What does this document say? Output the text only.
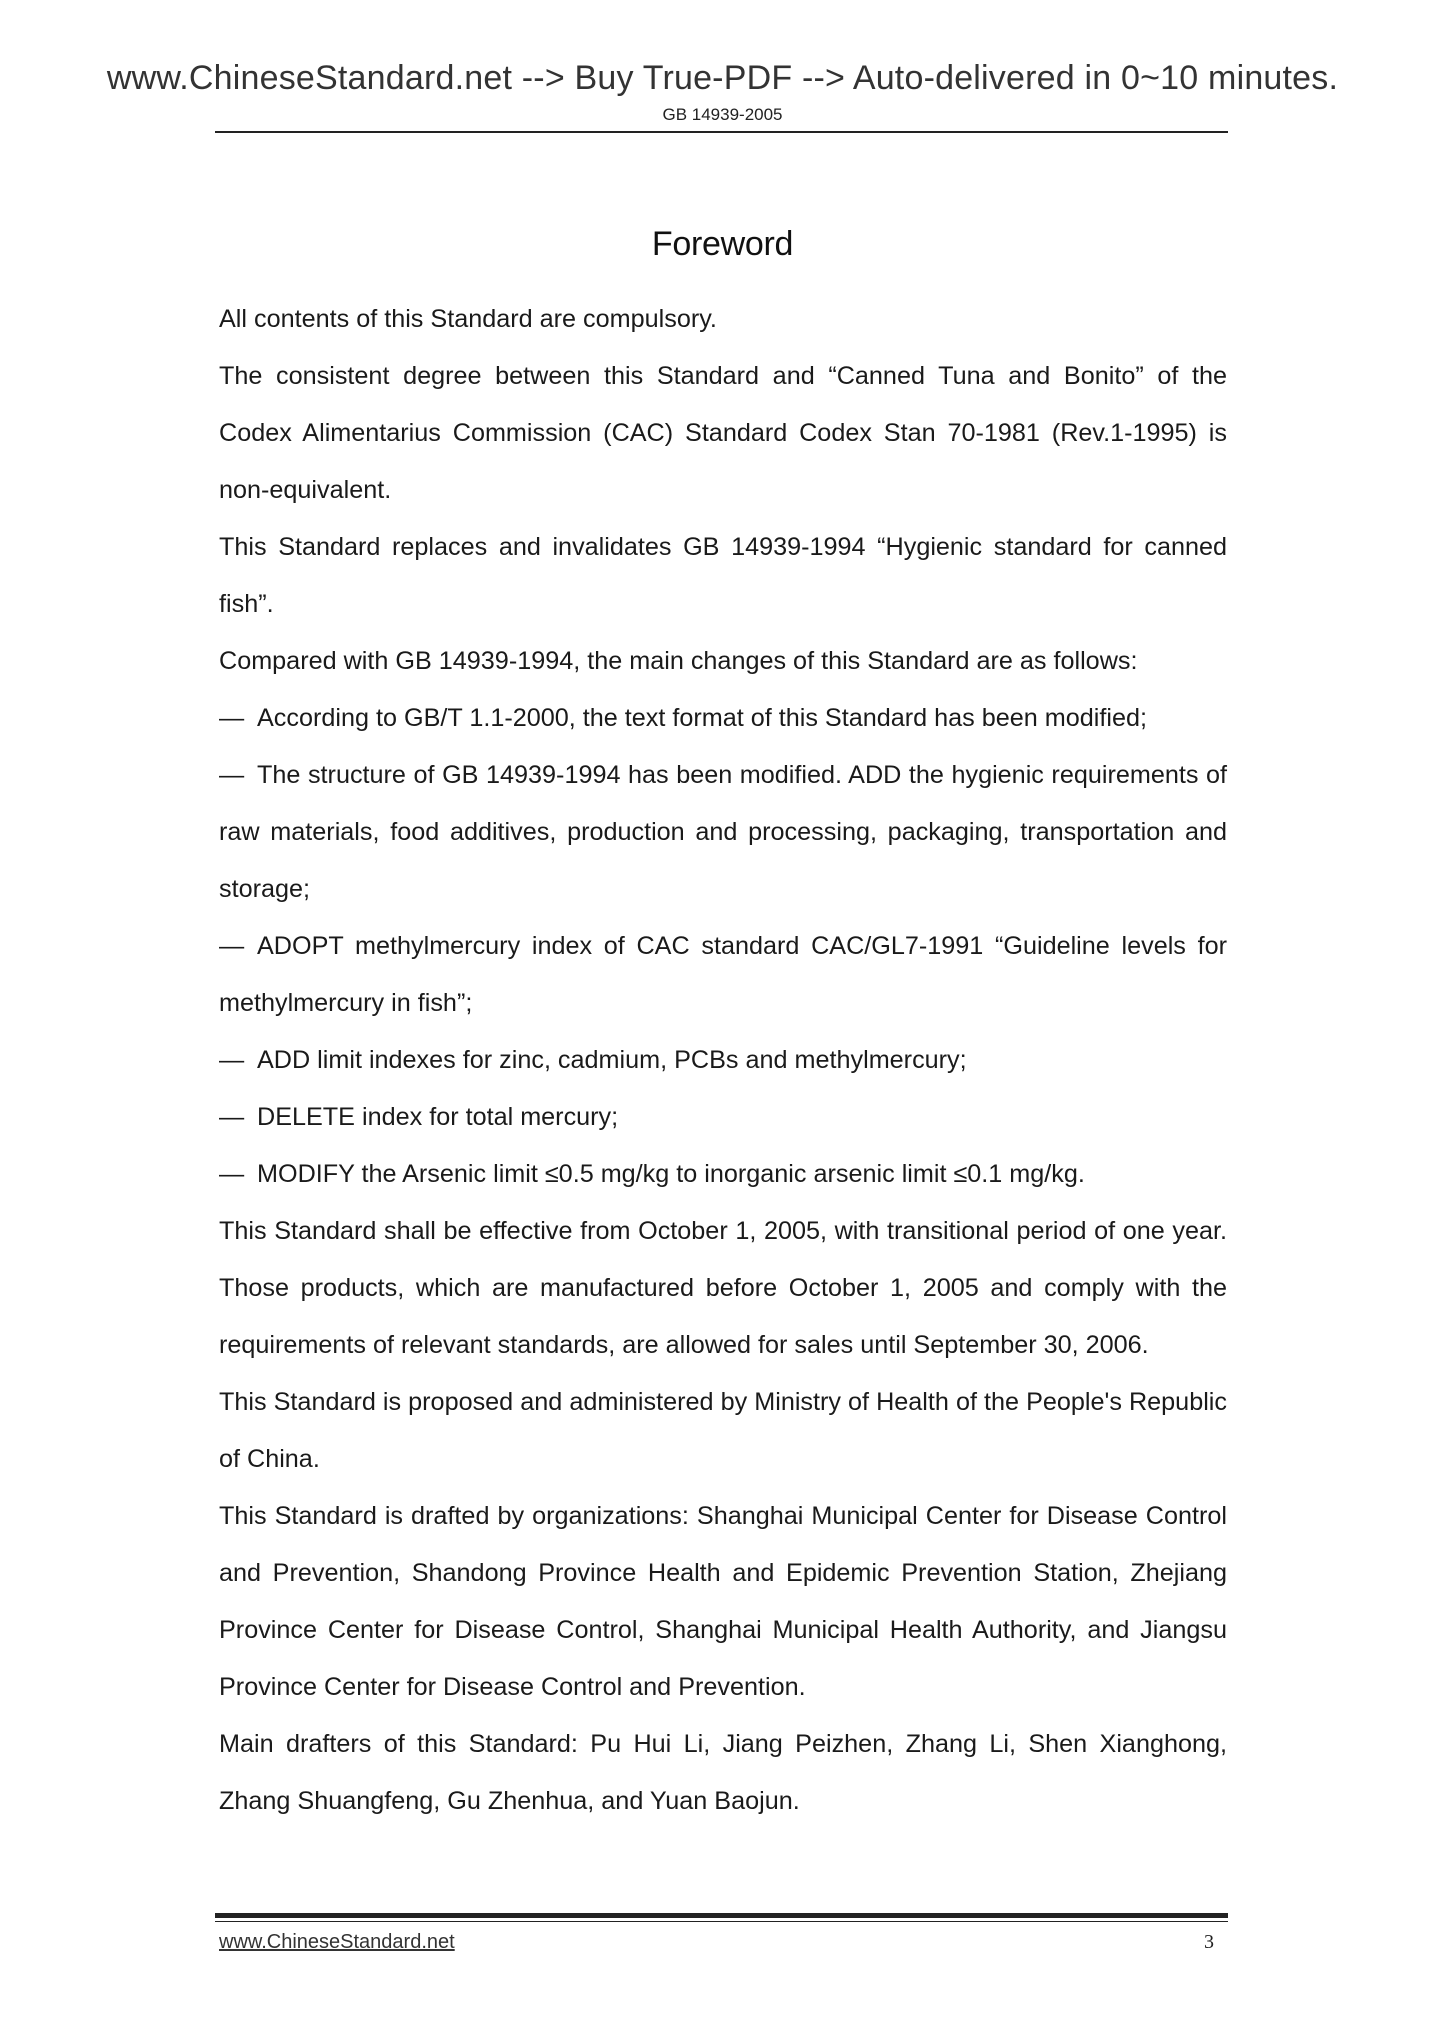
www.ChineseStandard.net --> Buy True-PDF --> Auto-delivered in 0~10 minutes.
GB 14939-2005
Foreword

All contents of this Standard are compulsory.

The consistent degree between this Standard and “Canned Tuna and Bonito” of the Codex Alimentarius Commission (CAC) Standard Codex Stan 70-1981 (Rev.1-1995) is non-equivalent.

This Standard replaces and invalidates GB 14939-1994 “Hygienic standard for canned fish”.

Compared with GB 14939-1994, the main changes of this Standard are as follows:

— According to GB/T 1.1-2000, the text format of this Standard has been modified;

— The structure of GB 14939-1994 has been modified. ADD the hygienic requirements of raw materials, food additives, production and processing, packaging, transportation and storage;

— ADOPT methylmercury index of CAC standard CAC/GL7-1991 “Guideline levels for methylmercury in fish”;

— ADD limit indexes for zinc, cadmium, PCBs and methylmercury;

— DELETE index for total mercury;

— MODIFY the Arsenic limit ≤0.5 mg/kg to inorganic arsenic limit ≤0.1 mg/kg.

This Standard shall be effective from October 1, 2005, with transitional period of one year. Those products, which are manufactured before October 1, 2005 and comply with the requirements of relevant standards, are allowed for sales until September 30, 2006.

This Standard is proposed and administered by Ministry of Health of the People's Republic of China.

This Standard is drafted by organizations: Shanghai Municipal Center for Disease Control and Prevention, Shandong Province Health and Epidemic Prevention Station, Zhejiang Province Center for Disease Control, Shanghai Municipal Health Authority, and Jiangsu Province Center for Disease Control and Prevention.

Main drafters of this Standard: Pu Hui Li, Jiang Peizhen, Zhang Li, Shen Xianghong, Zhang Shuangfeng, Gu Zhenhua, and Yuan Baojun.

www.ChineseStandard.net	3
